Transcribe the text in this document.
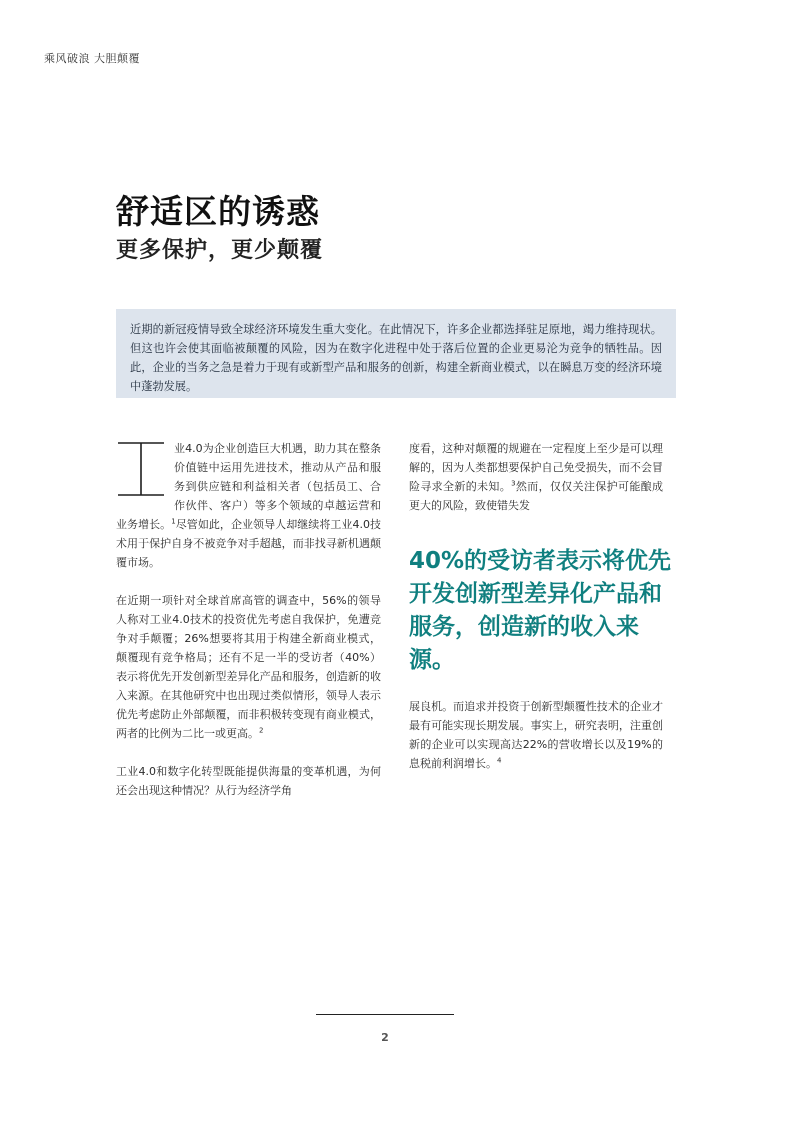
乘风破浪 大胆颠覆
舒适区的诱惑
更多保护，更少颠覆
近期的新冠疫情导致全球经济环境发生重大变化。在此情况下，许多企业都选择驻足原地，竭力维持现状。但这也许会使其面临被颠覆的风险，因为在数字化进程中处于落后位置的企业更易沦为竞争的牺牲品。因此，企业的当务之急是着力于现有或新型产品和服务的创新，构建全新商业模式，以在瞬息万变的经济环境中蓬勃发展。
业4.0为企业创造巨大机遇，助力其在整条价值链中运用先进技术，推动从产品和服务到供应链和利益相关者（包括员工、合作伙伴、客户）等多个领域的卓越运营和业务增长。$^1$尽管如此，企业领导人却继续将工业4.0技术用于保护自身不被竞争对手超越，而非找寻新机遇颠覆市场。

在近期一项针对全球首席高管的调查中，56%的领导人称对工业4.0技术的投资优先考虑自我保护，免遭竞争对手颠覆；26%想要将其用于构建全新商业模式，颠覆现有竞争格局；还有不足一半的受访者（40%）表示将优先开发创新型差异化产品和服务，创造新的收入来源。在其他研究中也出现过类似情形，领导人表示优先考虑防止外部颠覆，而非积极转变现有商业模式，两者的比例为二比一或更高。$^2$

工业4.0和数字化转型既能提供海量的变革机遇，为何还会出现这种情况？从行为经济学角

度看，这种对颠覆的规避在一定程度上至少是可以理解的，因为人类都想要保护自己免受损失，而不会冒险寻求全新的未知。$^3$然而，仅仅关注保护可能酿成更大的风险，致使错失发

40%的受访者表示将优先开发创新型差异化产品和服务，创造新的收入来源。

展良机。而追求并投资于创新型颠覆性技术的企业才最有可能实现长期发展。事实上，研究表明，注重创新的企业可以实现高达22%的营收增长以及19%的息税前利润增长。$^4$

2
